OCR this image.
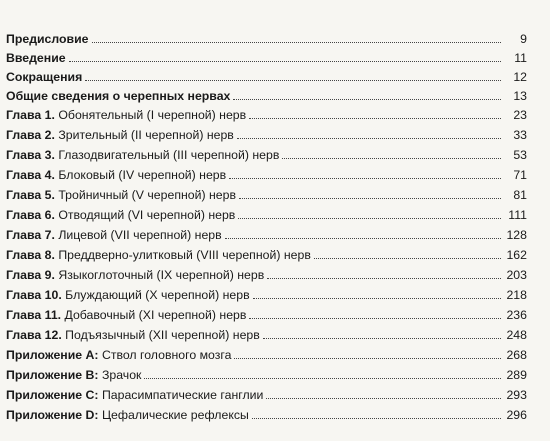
Предисловие	9
Введение	11
Сокращения	12
Общие сведения о черепных нервах	13
Глава 1. Обонятельный (I черепной) нерв	23
Глава 2. Зрительный (II черепной) нерв	33
Глава 3. Глазодвигательный (III черепной) нерв	53
Глава 4. Блоковый (IV черепной) нерв	71
Глава 5. Тройничный (V черепной) нерв	81
Глава 6. Отводящий (VI черепной) нерв	111
Глава 7. Лицевой (VII черепной) нерв	128
Глава 8. Преддверно-улитковый (VIII черепной) нерв	162
Глава 9. Языкоглоточный (IX черепной) нерв	203
Глава 10. Блуждающий (X черепной) нерв	218
Глава 11. Добавочный (XI черепной) нерв	236
Глава 12. Подъязычный (XII черепной) нерв	248
Приложение A: Ствол головного мозга	268
Приложение B: Зрачок	289
Приложение C: Парасимпатические ганглии	293
Приложение D: Цефалические рефлексы	296
